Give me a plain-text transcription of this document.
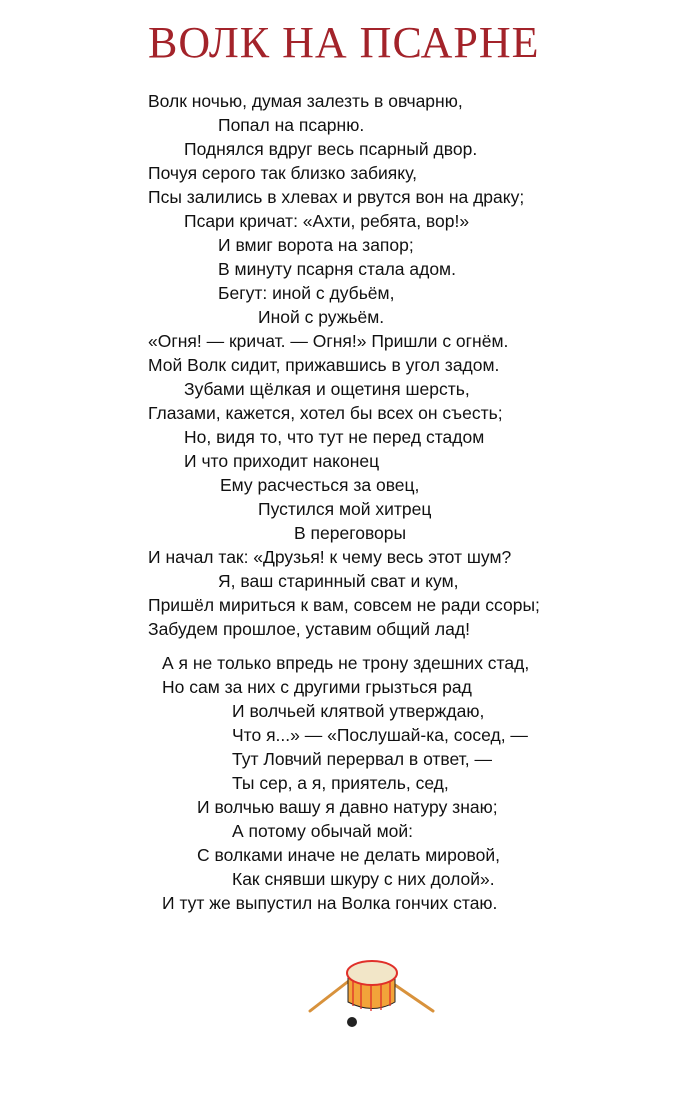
ВОЛК НА ПСАРНЕ
Волк ночью, думая залезть в овчарню,
Попал на псарню.
Поднялся вдруг весь псарный двор.
Почуя серого так близко забияку,
Псы залились в хлевах и рвутся вон на драку;
Псари кричат: «Ахти, ребята, вор!»
И вмиг ворота на запор;
В минуту псарня стала адом.
Бегут: иной с дубьём,
Иной с ружьём.
«Огня! — кричат. — Огня!» Пришли с огнём.
Мой Волк сидит, прижавшись в угол задом.
Зубами щёлкая и ощетиня шерсть,
Глазами, кажется, хотел бы всех он съесть;
Но, видя то, что тут не перед стадом
И что приходит наконец
Ему расчесться за овец,
Пустился мой хитрец
В переговоры
И начал так: «Друзья! к чему весь этот шум?
Я, ваш старинный сват и кум,
Пришёл мириться к вам, совсем не ради ссоры;
Забудем прошлое, уставим общий лад!
А я не только впредь не трону здешних стад,
Но сам за них с другими грызться рад
И волчьей клятвой утверждаю,
Что я...» — «Послушай-ка, сосед, —
Тут Ловчий перервал в ответ, —
Ты сер, а я, приятель, сед,
И волчью вашу я давно натуру знаю;
А потому обычай мой:
С волками иначе не делать мировой,
Как снявши шкуру с них долой».
И тут же выпустил на Волка гончих стаю.
